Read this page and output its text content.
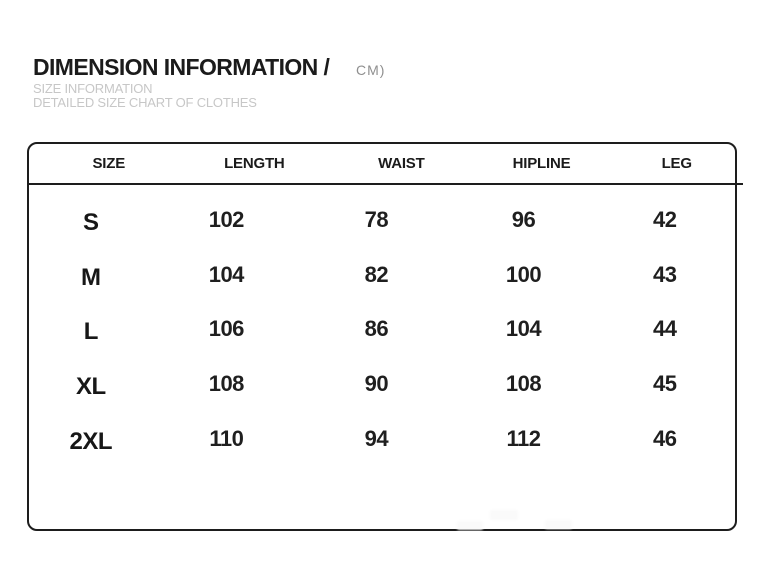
DIMENSION INFORMATION / CM)
SIZE INFORMATION
DETAILED SIZE CHART OF CLOTHES
SIZE	LENGTH	WAIST	HIPLINE	LEG
S	102	78	96	42
M	104	82	100	43
L	106	86	104	44
XL	108	90	108	45
2XL	110	94	112	46
